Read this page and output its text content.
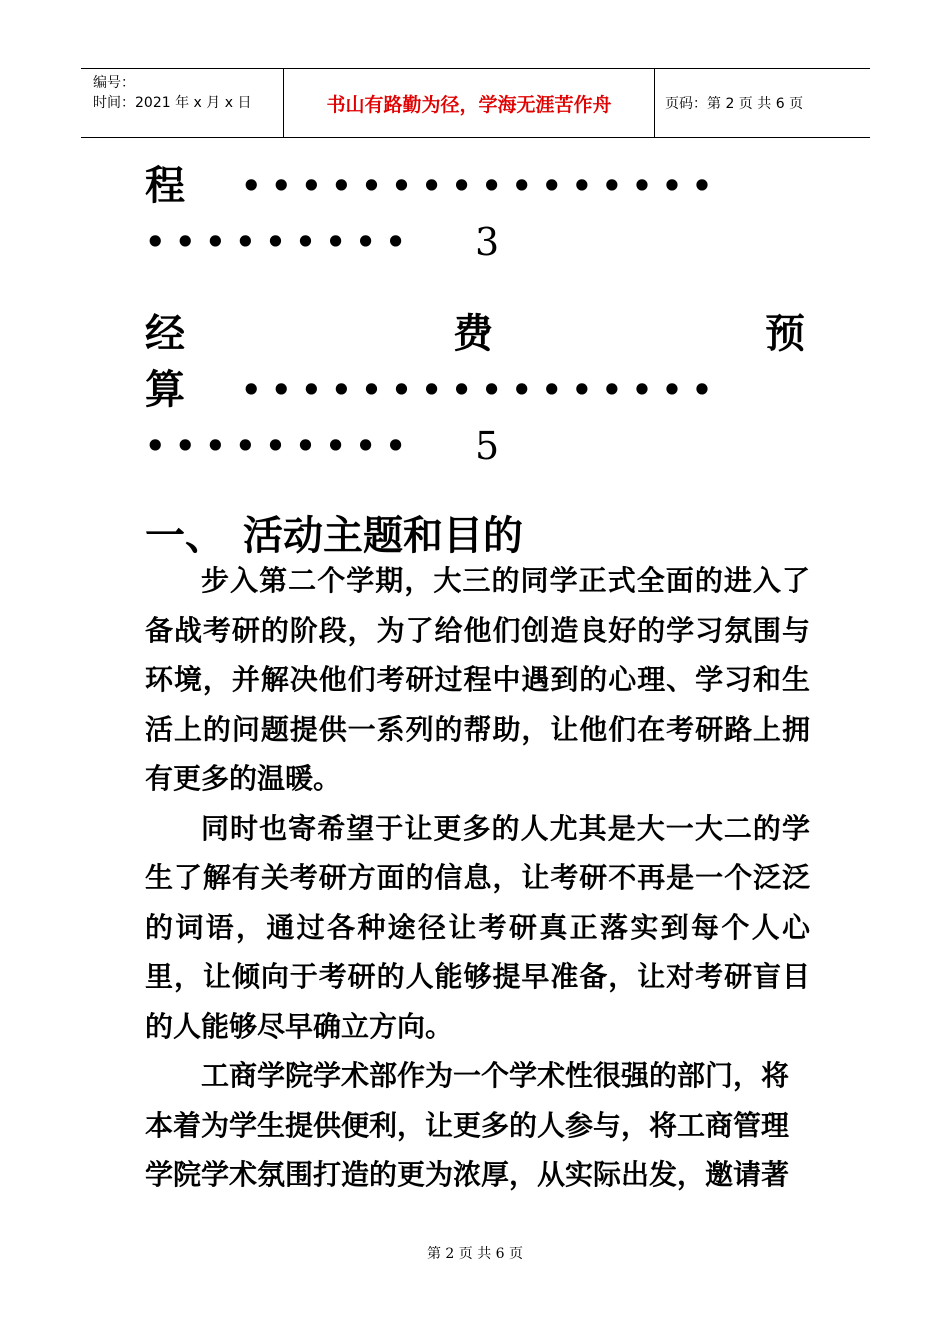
编号：
时间：2021 年 x 月 x 日	书山有路勤为径，学海无涯苦作舟	页码：第 2 页 共 6 页
程 ••••••••••••••••
••••••••• 3
经	费	预
算 ••••••••••••••••
••••••••• 5
一、 活动主题和目的

步入第二个学期，大三的同学正式全面的进入了备战考研的阶段，为了给他们创造良好的学习氛围与环境，并解决他们考研过程中遇到的心理、学习和生活上的问题提供一系列的帮助，让他们在考研路上拥有更多的温暖。

同时也寄希望于让更多的人尤其是大一大二的学生了解有关考研方面的信息，让考研不再是一个泛泛的词语，通过各种途径让考研真正落实到每个人心里，让倾向于考研的人能够提早准备，让对考研盲目的人能够尽早确立方向。

工商学院学术部作为一个学术性很强的部门，将本着为学生提供便利，让更多的人参与，将工商管理学院学术氛围打造的更为浓厚，从实际出发，邀请著

第 2 页 共 6 页
